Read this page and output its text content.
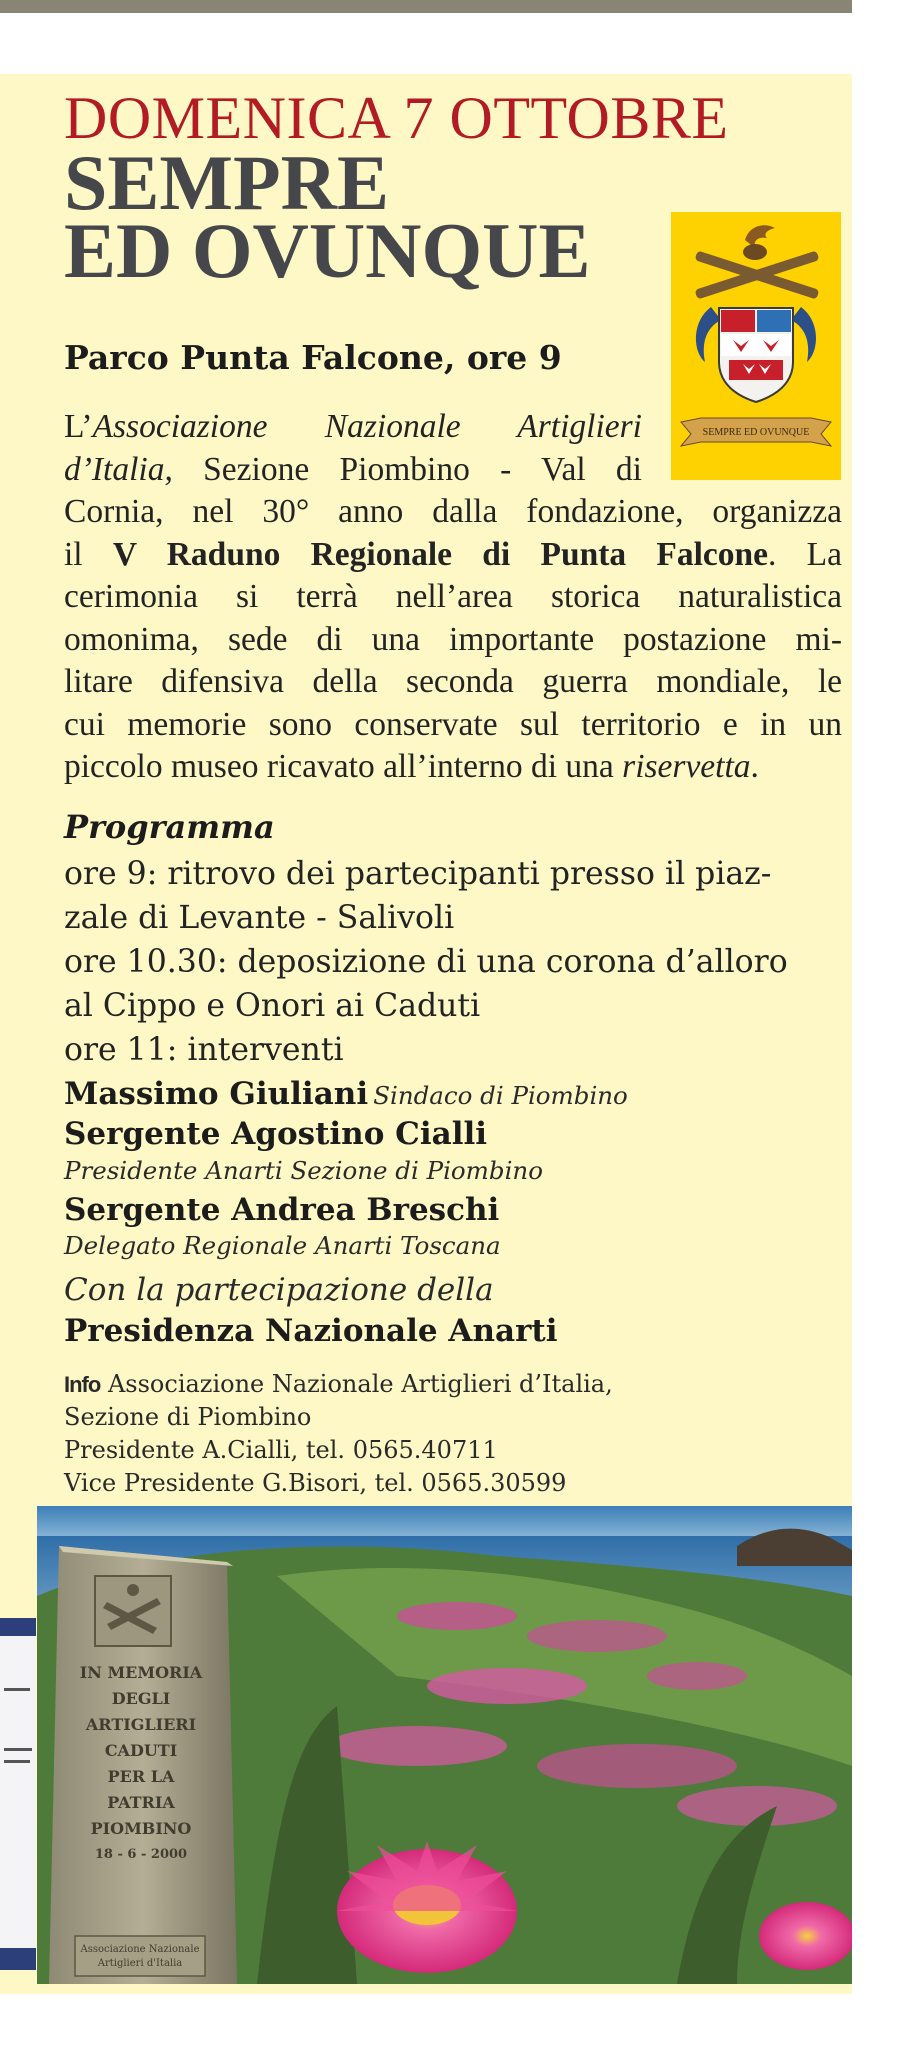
DOMENICA 7 OTTOBRE
SEMPRE
ED OVUNQUE
SEMPRE ED OVUNQUE
Parco Punta Falcone, ore 9
L’Associazione Nazionale Artiglieri
d’Italia, Sezione Piombino - Val di
Cornia, nel 30° anno dalla fondazione, organizza
il V Raduno Regionale di Punta Falcone. La
cerimonia si terrà nell’area storica naturalistica
omonima, sede di una importante postazione mi-
litare difensiva della seconda guerra mondiale, le
cui memorie sono conservate sul territorio e in un
piccolo museo ricavato all’interno di una riservetta.
Programma
ore 9: ritrovo dei partecipanti presso il piaz-
zale di Levante - Salivoli
ore 10.30: deposizione di una corona d’alloro
al Cippo e Onori ai Caduti
ore 11: interventi
Massimo Giuliani Sindaco di Piombino
Sergente Agostino Cialli
Presidente Anarti Sezione di Piombino
Sergente Andrea Breschi
Delegato Regionale Anarti Toscana
Con la partecipazione della
Presidenza Nazionale Anarti
Info Associazione Nazionale Artiglieri d’Italia,
Sezione di Piombino
Presidente A.Cialli, tel. 0565.40711
Vice Presidente G.Bisori, tel. 0565.30599
IN MEMORIA
DEGLI
ARTIGLIERI
CADUTI
PER LA
PATRIA
PIOMBINO
18 - 6 - 2000
Associazione Nazionale
Artiglieri d'Italia
